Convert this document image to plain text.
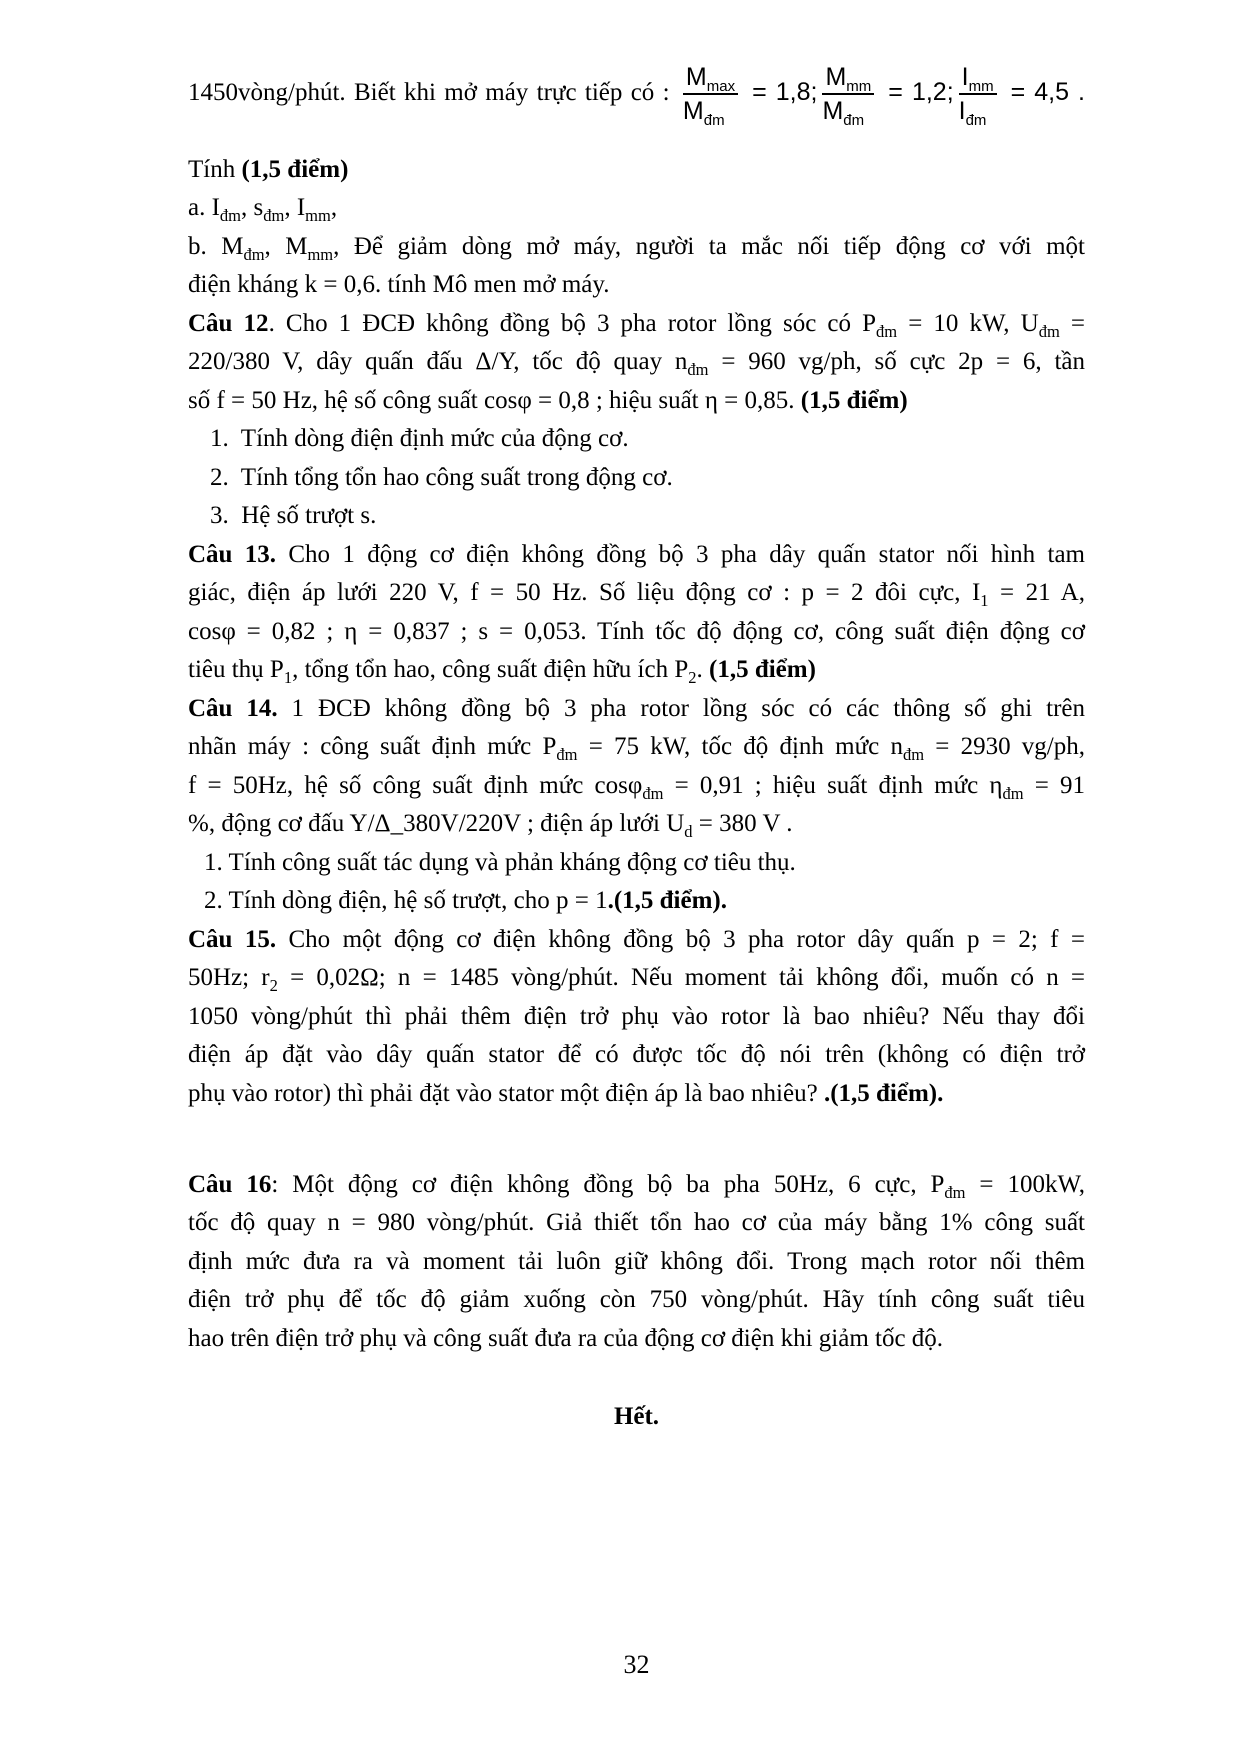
1450vòng/phút. Biết khi mở máy trực tiếp có : $\frac{M_{max}}{M_{đm}} = 1,8$; $\frac{M_{mm}}{M_{đm}} = 1,2$; $\frac{I_{mm}}{I_{đm}} = 4,5$ .
Tính (1,5 điểm)
a. $I_{đm}$, $s_{đm}$, $I_{mm}$,
b. $M_{đm}$, $M_{mm}$, Để giảm dòng mở máy, người ta mắc nối tiếp động cơ với một
điện kháng k = 0,6. tính Mô men mở máy.
Câu 12. Cho 1 ĐCĐ không đồng bộ 3 pha rotor lồng sóc có $P_{đm} = 10$ kW, $U_{đm}$ =
220/380 V, dây quấn đấu Δ/Y, tốc độ quay $n_{đm} = 960$ vg/ph, số cực 2p = 6, tần
số f = 50 Hz, hệ số công suất cosφ = 0,8 ; hiệu suất η = 0,85. (1,5 điểm)
1.  Tính dòng điện định mức của động cơ.
2.  Tính tổng tổn hao công suất trong động cơ.
3.  Hệ số trượt s.
Câu 13. Cho 1 động cơ điện không đồng bộ 3 pha dây quấn stator nối hình tam
giác, điện áp lưới 220 V, f = 50 Hz. Số liệu động cơ : p = 2 đôi cực, $I_1 = 21$ A,
cosφ = 0,82 ; η = 0,837 ; s = 0,053. Tính tốc độ động cơ, công suất điện động cơ
tiêu thụ $P_1$, tổng tổn hao, công suất điện hữu ích $P_2$. (1,5 điểm)
Câu 14. 1 ĐCĐ không đồng bộ 3 pha rotor lồng sóc có các thông số ghi trên
nhãn máy : công suất định mức $P_{đm} = 75$ kW, tốc độ định mức $n_{đm} = 2930$ vg/ph,
f = 50Hz, hệ số công suất định mức cosφ$_{đm}$ = 0,91 ; hiệu suất định mức $\eta_{đm} = 91$
%, động cơ đấu Y/Δ_380V/220V ; điện áp lưới $U_d = 380$ V .
1. Tính công suất tác dụng và phản kháng động cơ tiêu thụ.
2. Tính dòng điện, hệ số trượt, cho p = 1.(1,5 điểm).
Câu 15. Cho một động cơ điện không đồng bộ 3 pha rotor dây quấn p = 2; f =
50Hz; $r_2 = 0,02\Omega$; n = 1485 vòng/phút. Nếu moment tải không đổi, muốn có n =
1050 vòng/phút thì phải thêm điện trở phụ vào rotor là bao nhiêu? Nếu thay đổi
điện áp đặt vào dây quấn stator để có được tốc độ nói trên (không có điện trở
phụ vào rotor) thì phải đặt vào stator một điện áp là bao nhiêu? .(1,5 điểm).
Câu 16: Một động cơ điện không đồng bộ ba pha 50Hz, 6 cực, $P_{đm} = 100kW$,
tốc độ quay n = 980 vòng/phút. Giả thiết tổn hao cơ của máy bằng 1% công suất
định mức đưa ra và moment tải luôn giữ không đổi. Trong mạch rotor nối thêm
điện trở phụ để tốc độ giảm xuống còn 750 vòng/phút. Hãy tính công suất tiêu
hao trên điện trở phụ và công suất đưa ra của động cơ điện khi giảm tốc độ.
Hết.
32
